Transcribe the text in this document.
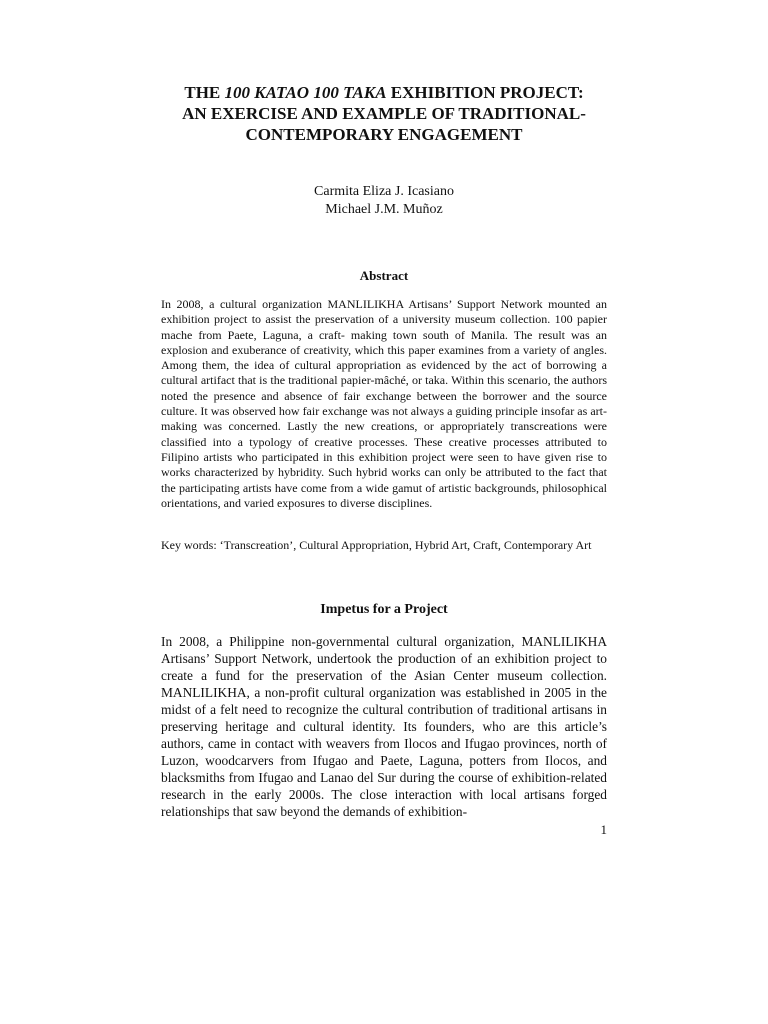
THE 100 KATAO 100 TAKA EXHIBITION PROJECT:
AN EXERCISE AND EXAMPLE OF TRADITIONAL-
CONTEMPORARY ENGAGEMENT
Carmita Eliza J. Icasiano
Michael J.M. Muñoz
Abstract

In 2008, a cultural organization MANLILIKHA Artisans’ Support Network mounted an exhibition project to assist the preservation of a university museum collection. 100 papier mache from Paete, Laguna, a craft- making town south of Manila. The result was an explosion and exuberance of creativity, which this paper examines from a variety of angles. Among them, the idea of cultural appropriation as evidenced by the act of borrowing a cultural artifact that is the traditional papier-mâché, or taka. Within this scenario, the authors noted the presence and absence of fair exchange between the borrower and the source culture. It was observed how fair exchange was not always a guiding principle insofar as art-making was concerned. Lastly the new creations, or appropriately transcreations were classified into a typology of creative processes. These creative processes attributed to Filipino artists who participated in this exhibition project were seen to have given rise to works characterized by hybridity. Such hybrid works can only be attributed to the fact that the participating artists have come from a wide gamut of artistic backgrounds, philosophical orientations, and varied exposures to diverse disciplines.

Key words: ‘Transcreation’, Cultural Appropriation, Hybrid Art, Craft, Contemporary Art

Impetus for a Project

In 2008, a Philippine non-governmental cultural organization, MANLILIKHA Artisans’ Support Network, undertook the production of an exhibition project to create a fund for the preservation of the Asian Center museum collection. MANLILIKHA, a non-profit cultural organization was established in 2005 in the midst of a felt need to recognize the cultural contribution of traditional artisans in preserving heritage and cultural identity. Its founders, who are this article’s authors, came in contact with weavers from Ilocos and Ifugao provinces, north of Luzon, woodcarvers from Ifugao and Paete, Laguna, potters from Ilocos, and blacksmiths from Ifugao and Lanao del Sur during the course of exhibition-related research in the early 2000s. The close interaction with local artisans forged relationships that saw beyond the demands of exhibition-

1
